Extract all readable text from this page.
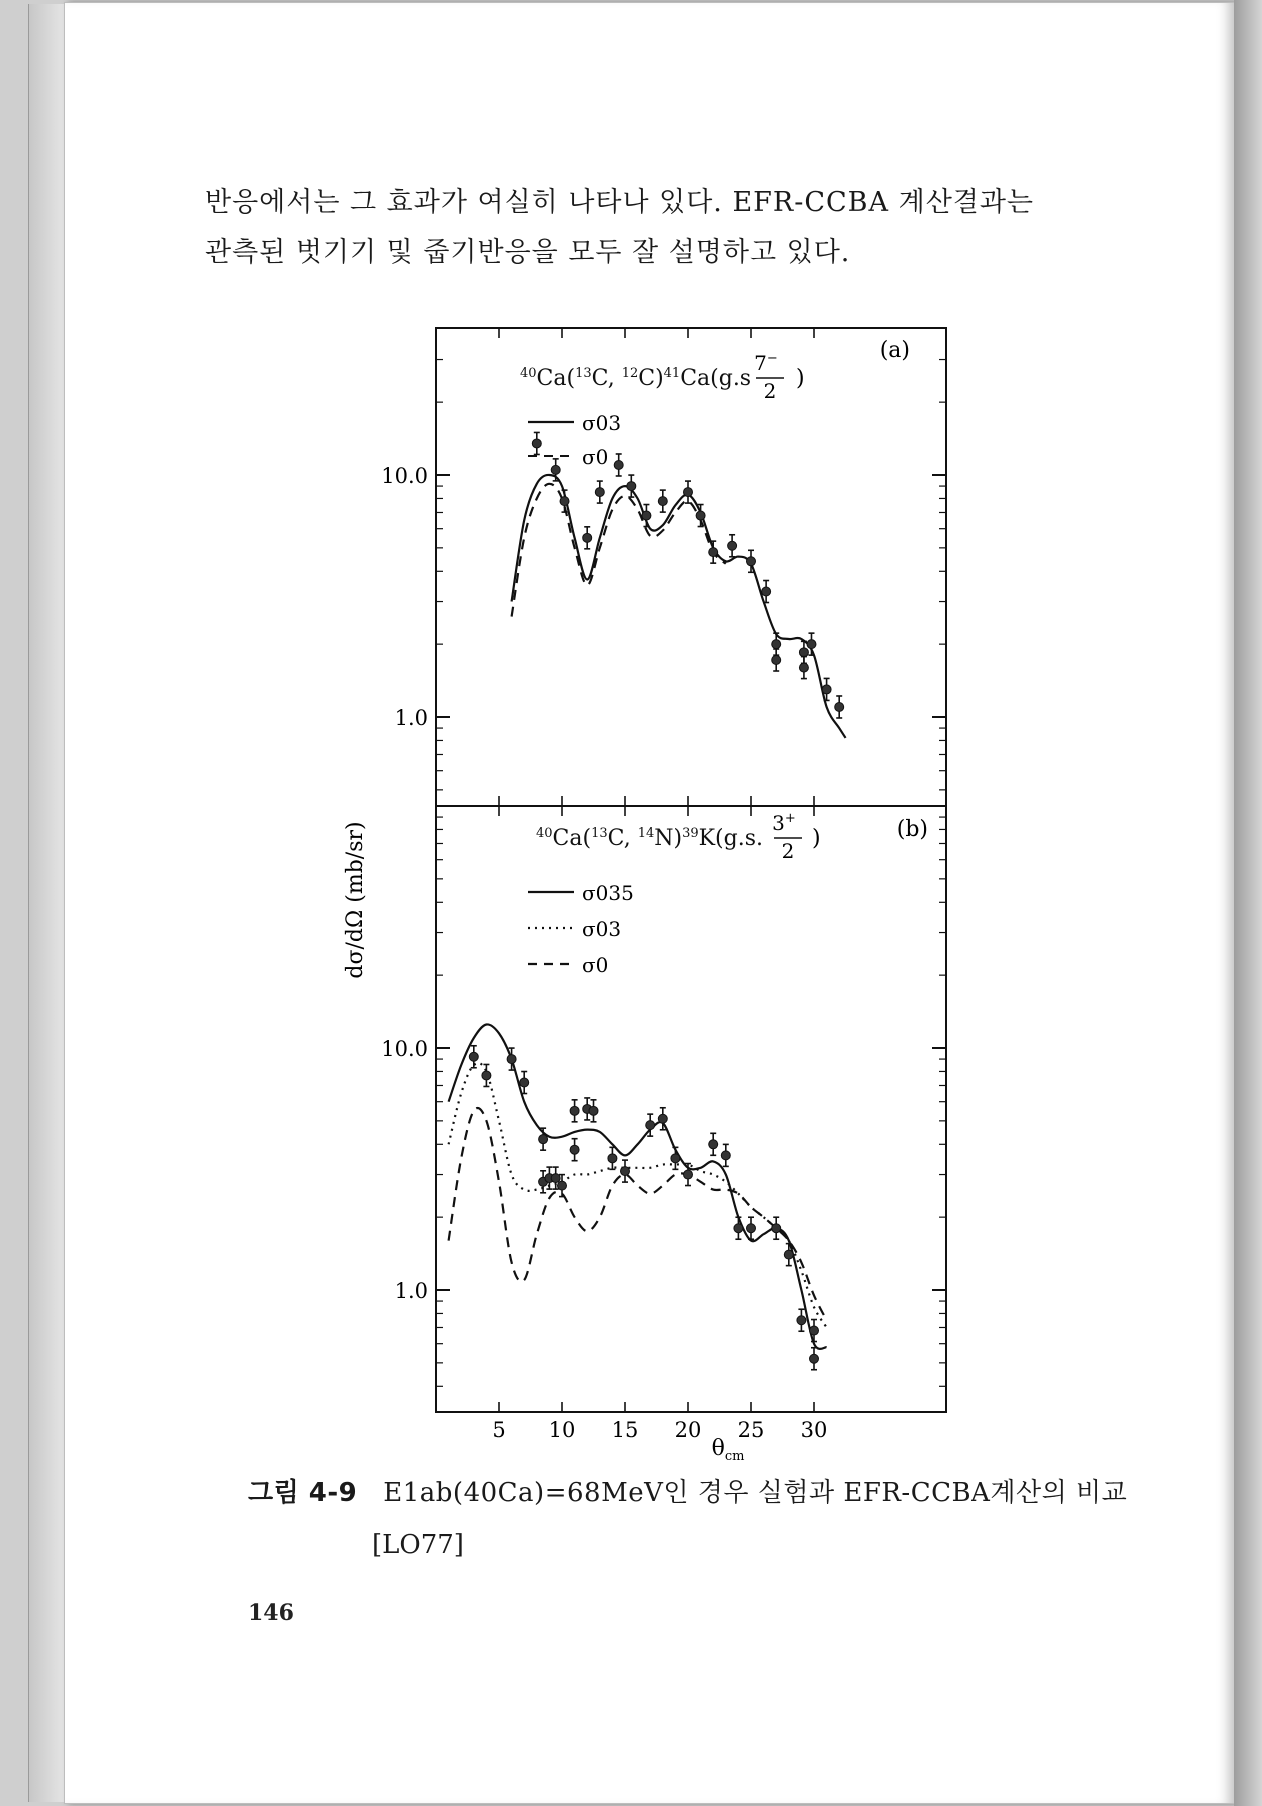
반응에서는 그 효과가 여실히 나타나 있다. EFR-CCBA 계산결과는
관측된 벗기기 및 줍기반응을 모두 잘 설명하고 있다.
10.0
1.0
(a)
$^{40}$Ca($^{13}$C, $^{12}$C)$^{41}$Ca(g.s
7−
2 )
σ03
σ0
10.0
1.0
(b)
$^{40}$Ca($^{13}$C, $^{14}$N)$^{39}$K(g.s.
3+
2 )
σ035
σ03
σ0
5 10 15 20 25 30
dσ/dΩ (mb/sr)
$\theta_{cm}$
그림 4-9 E1ab(40Ca)=68MeV인 경우 실험과 EFR-CCBA계산의 비교
[LO77]
146
